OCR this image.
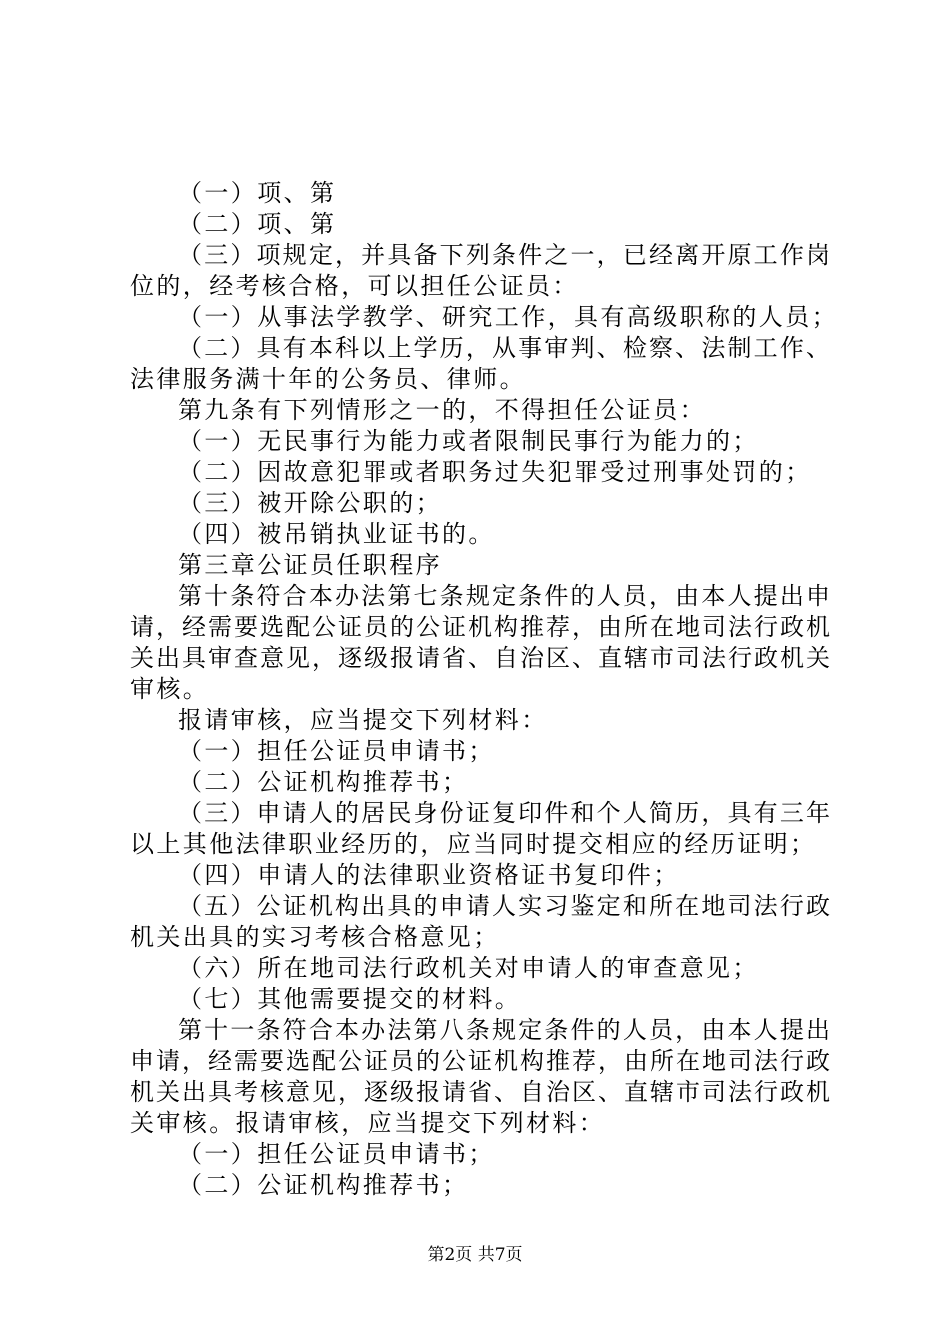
（一）项、第
（二）项、第
（三）项规定，并具备下列条件之一，已经离开原工作岗
位的，经考核合格，可以担任公证员：
（一）从事法学教学、研究工作，具有高级职称的人员；
（二）具有本科以上学历，从事审判、检察、法制工作、
法律服务满十年的公务员、律师。
第九条有下列情形之一的，不得担任公证员：
（一）无民事行为能力或者限制民事行为能力的；
（二）因故意犯罪或者职务过失犯罪受过刑事处罚的；
（三）被开除公职的；
（四）被吊销执业证书的。
第三章公证员任职程序
第十条符合本办法第七条规定条件的人员，由本人提出申
请，经需要选配公证员的公证机构推荐，由所在地司法行政机
关出具审查意见，逐级报请省、自治区、直辖市司法行政机关
审核。
报请审核，应当提交下列材料：
（一）担任公证员申请书；
（二）公证机构推荐书；
（三）申请人的居民身份证复印件和个人简历，具有三年
以上其他法律职业经历的，应当同时提交相应的经历证明；
（四）申请人的法律职业资格证书复印件；
（五）公证机构出具的申请人实习鉴定和所在地司法行政
机关出具的实习考核合格意见；
（六）所在地司法行政机关对申请人的审查意见；
（七）其他需要提交的材料。
第十一条符合本办法第八条规定条件的人员，由本人提出
申请，经需要选配公证员的公证机构推荐，由所在地司法行政
机关出具考核意见，逐级报请省、自治区、直辖市司法行政机
关审核。报请审核，应当提交下列材料：
（一）担任公证员申请书；
（二）公证机构推荐书；
第2页 共7页
